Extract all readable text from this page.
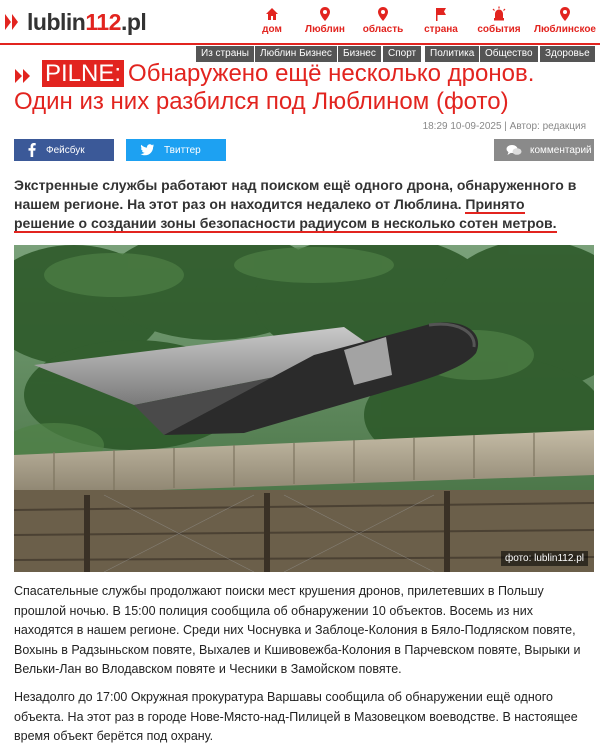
lublin112.pl	дом	Люблин	область	страна	события	Люблинское
Из страны	Люблин Бизнес	Бизнес	Спорт	Политика	Общество	Здоровье
PILNE: Обнаружено ещё несколько дронов. Один из них разбился под Люблином (фото)
18:29 10-09-2025 | Автор: редакция
Фейсбук	Твиттер	комментарий

Экстренные службы работают над поиском ещё одного дрона, обнаруженного в нашем регионе. На этот раз он находится недалеко от Люблина. Принято решение о создании зоны безопасности радиусом в несколько сотен метров.

фото: lublin112.pl

Спасательные службы продолжают поиски мест крушения дронов, прилетевших в Польшу прошлой ночью. В 15:00 полиция сообщила об обнаружении 10 объектов. Восемь из них находятся в нашем регионе. Среди них Чоснувка и Заблоце-Колония в Бяло-Подляском повяте, Вохынь в Радзыньском повяте, Выхалев и Кшивовежба-Колония в Парчевском повяте, Вырыки и Вельки-Лан во Влодавском повяте и Чесники в Замойском повяте.

Незадолго до 17:00 Окружная прокуратура Варшавы сообщила об обнаружении ещё одного объекта. На этот раз в городе Нове-Място-над-Пилицей в Мазовецком воеводстве. В настоящее время объект берётся под охрану.
